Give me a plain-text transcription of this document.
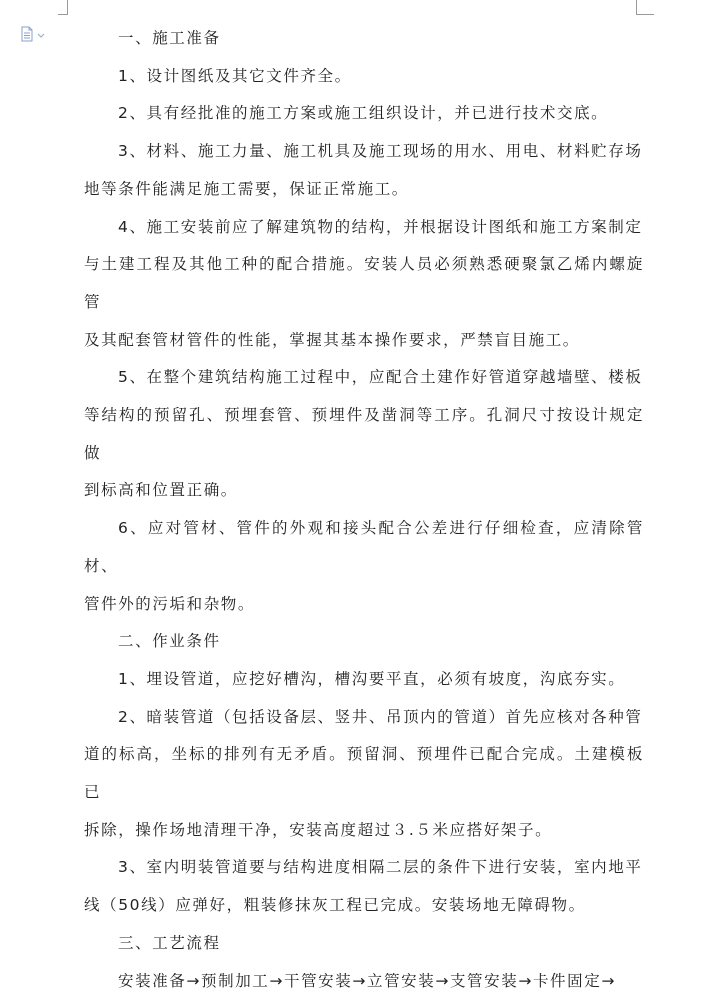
一、施工准备
1、设计图纸及其它文件齐全。
2、具有经批准的施工方案或施工组织设计，并已进行技术交底。
3、材料、施工力量、施工机具及施工现场的用水、用电、材料贮存场
地等条件能满足施工需要，保证正常施工。
4、施工安装前应了解建筑物的结构，并根据设计图纸和施工方案制定
与土建工程及其他工种的配合措施。安装人员必须熟悉硬聚氯乙烯内螺旋管
及其配套管材管件的性能，掌握其基本操作要求，严禁盲目施工。
5、在整个建筑结构施工过程中，应配合土建作好管道穿越墙壁、楼板
等结构的预留孔、预埋套管、预埋件及凿洞等工序。孔洞尺寸按设计规定做
到标高和位置正确。
6、应对管材、管件的外观和接头配合公差进行仔细检查，应清除管材、
管件外的污垢和杂物。
二、作业条件
1、埋设管道，应挖好槽沟，槽沟要平直，必须有坡度，沟底夯实。
2、暗装管道（包括设备层、竖井、吊顶内的管道）首先应核对各种管
道的标高，坐标的排列有无矛盾。预留洞、预埋件已配合完成。土建模板已
拆除，操作场地清理干净，安装高度超过３.５米应搭好架子。
3、室内明装管道要与结构进度相隔二层的条件下进行安装，室内地平
线（50线）应弹好，粗装修抹灰工程已完成。安装场地无障碍物。
三、工艺流程
安装准备→预制加工→干管安装→立管安装→支管安装→卡件固定→
